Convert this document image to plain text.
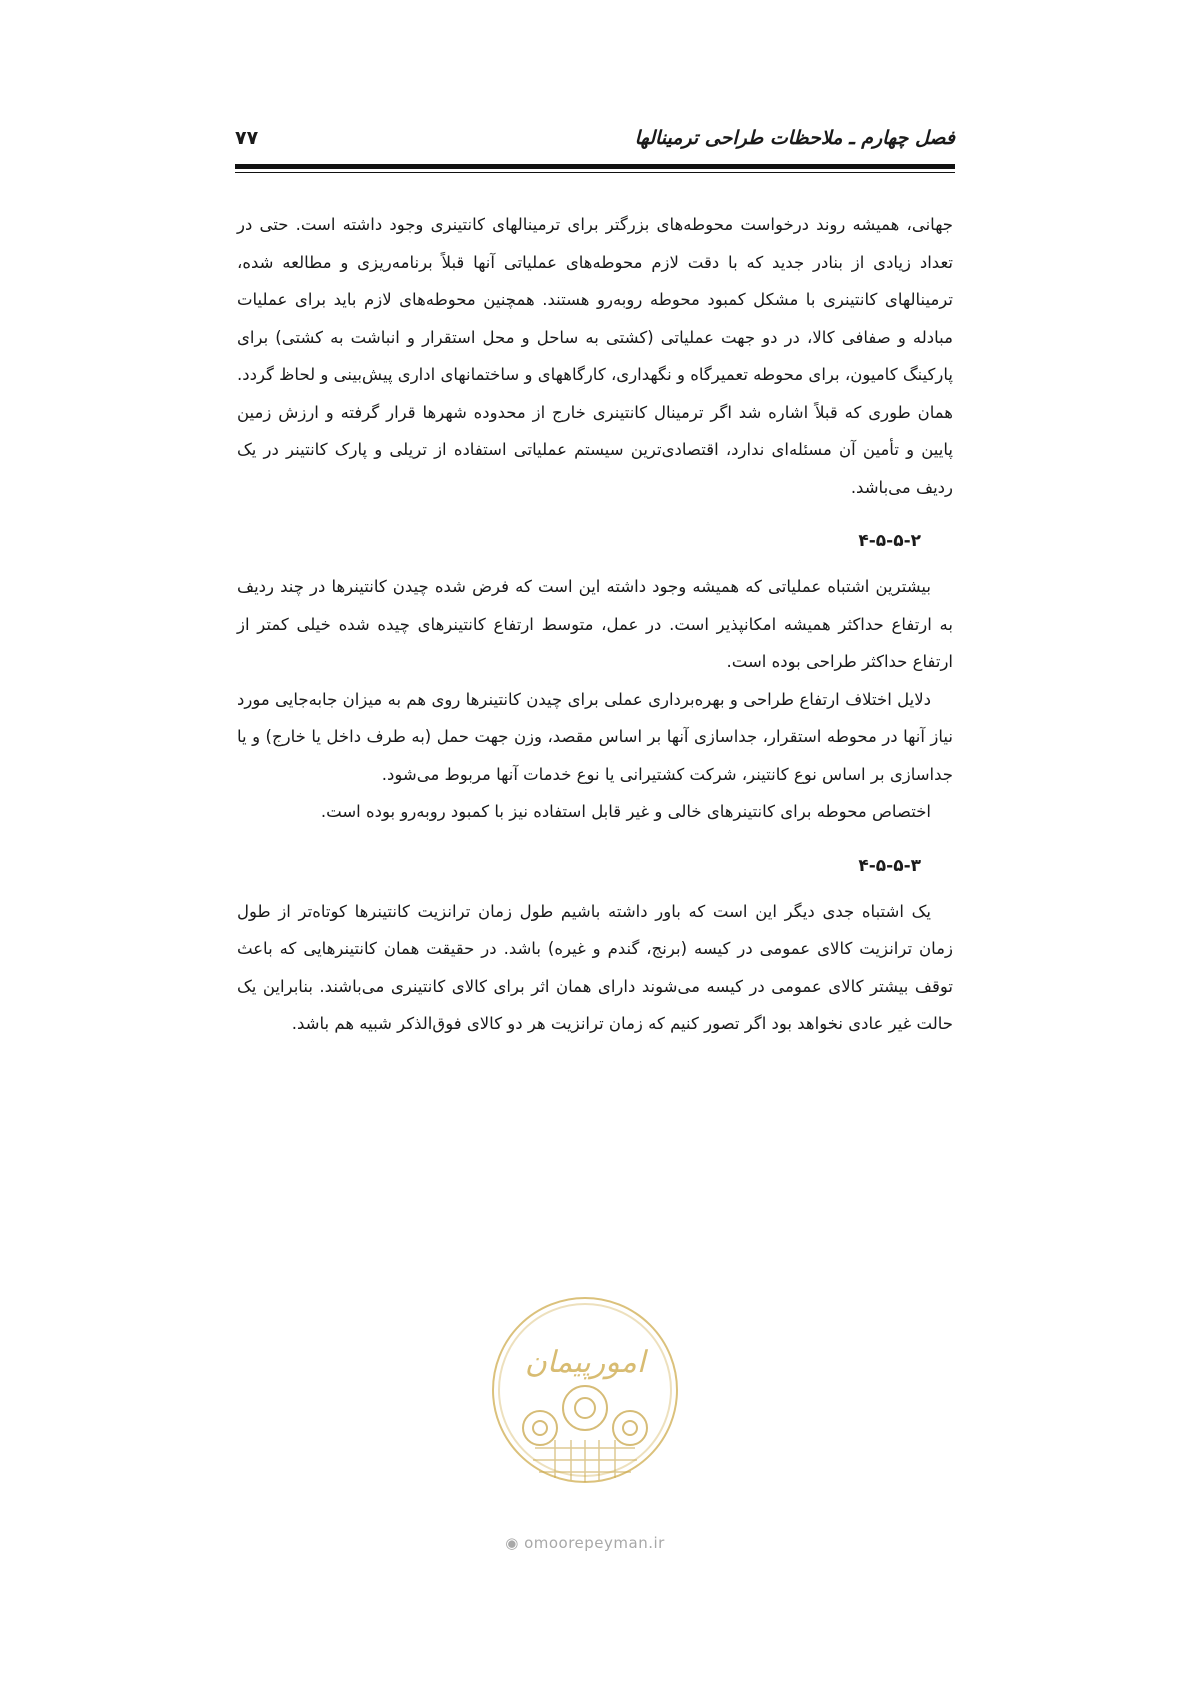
۷۷	فصل چهارم ـ ملاحظات طراحی ترمینالها

جهانی، همیشه روند درخواست محوطه‌های بزرگتر برای ترمینالهای کانتینری وجود داشته است. حتی در تعداد زیادی از بنادر جدید که با دقت لازم محوطه‌های عملیاتی آنها قبلاً برنامه‌ریزی و مطالعه شده، ترمینالهای کانتینری با مشکل کمبود محوطه روبه‌رو هستند. همچنین محوطه‌های لازم باید برای عملیات مبادله و صفافی کالا، در دو جهت عملیاتی (کشتی به ساحل و محل استقرار و انباشت به کشتی) برای پارکینگ کامیون، برای محوطه تعمیرگاه و نگهداری، کارگاههای و ساختمانهای اداری پیش‌بینی و لحاظ گردد. همان طوری که قبلاً اشاره شد اگر ترمینال کانتینری خارج از محدوده شهرها قرار گرفته و ارزش زمین پایین و تأمین آن مسئله‌ای ندارد، اقتصادی‌ترین سیستم عملیاتی استفاده از تریلی و پارک کانتینر در یک ردیف می‌باشد.

۴-۵-۵-۲

بیشترین اشتباه عملیاتی که همیشه وجود داشته این است که فرض شده چیدن کانتینرها در چند ردیف به ارتفاع حداکثر همیشه امکانپذیر است. در عمل، متوسط ارتفاع کانتینرهای چیده شده خیلی کمتر از ارتفاع حداکثر طراحی بوده است.

دلایل اختلاف ارتفاع طراحی و بهره‌برداری عملی برای چیدن کانتینرها روی هم به میزان جابه‌جایی مورد نیاز آنها در محوطه استقرار، جداسازی آنها بر اساس مقصد، وزن جهت حمل (به طرف داخل یا خارج) و یا جداسازی بر اساس نوع کانتینر، شرکت کشتیرانی یا نوع خدمات آنها مربوط می‌شود.

اختصاص محوطه برای کانتینرهای خالی و غیر قابل استفاده نیز با کمبود روبه‌رو بوده است.

۴-۵-۵-۳

یک اشتباه جدی دیگر این است که باور داشته باشیم طول زمان ترانزیت کانتینرها کوتاه‌تر از طول زمان ترانزیت کالای عمومی در کیسه (برنج، گندم و غیره) باشد. در حقیقت همان کانتینرهایی که باعث توقف بیشتر کالای عمومی در کیسه می‌شوند دارای همان اثر برای کالای کانتینری می‌باشند. بنابراین یک حالت غیر عادی نخواهد بود اگر تصور کنیم که زمان ترانزیت هر دو کالای فوق‌الذکر شبیه هم باشد.

امورپیمان
◉ omoorepeyman.ir
